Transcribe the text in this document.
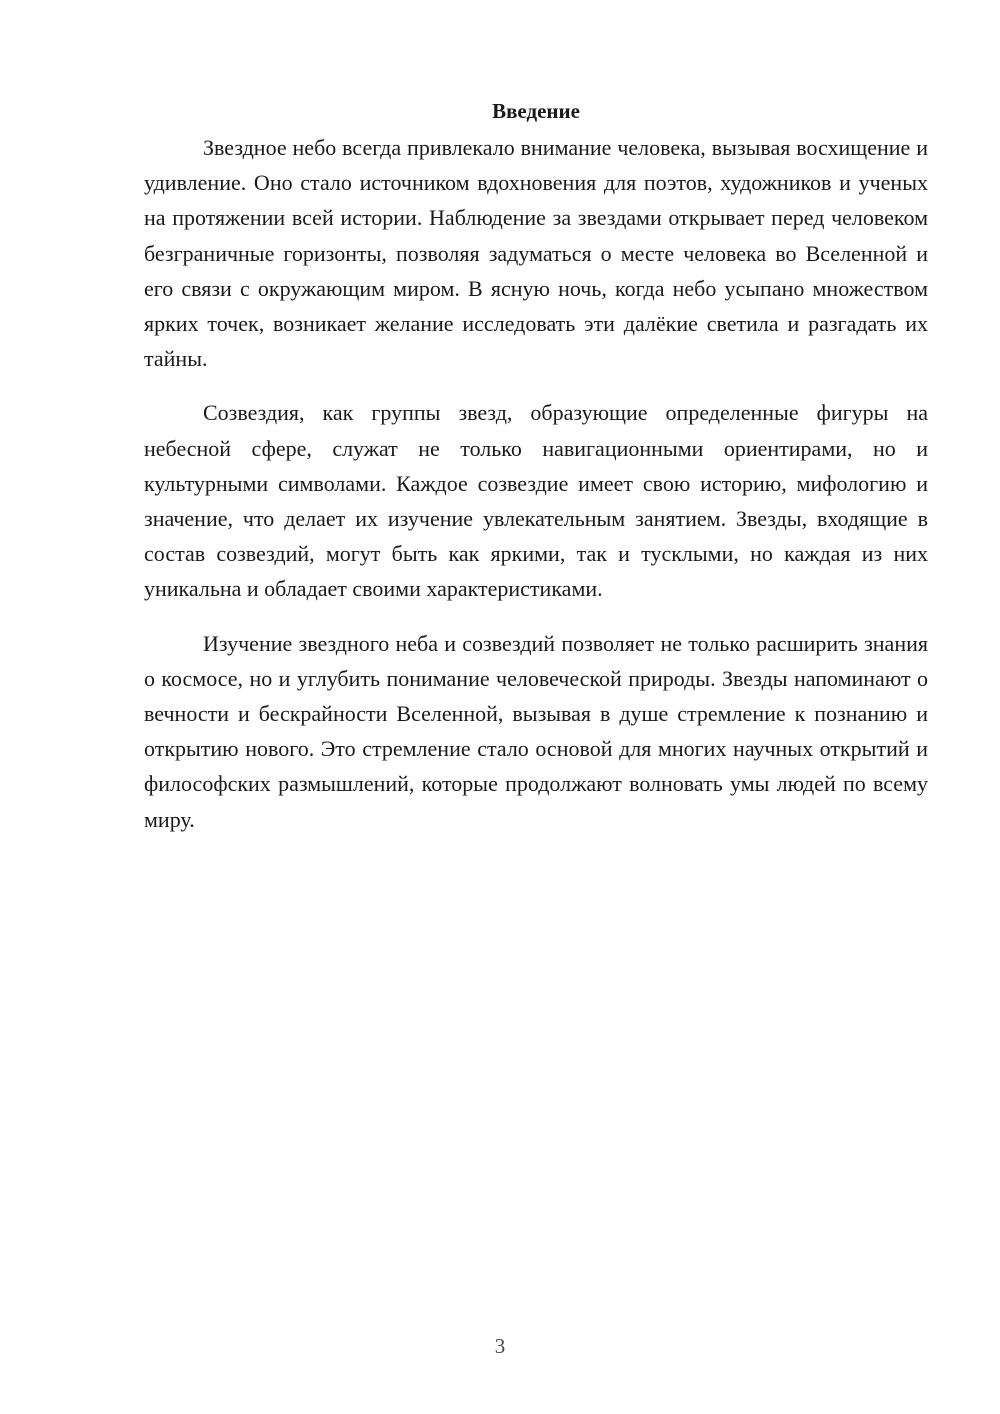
Введение

Звездное небо всегда привлекало внимание человека, вызывая восхищение и удивление. Оно стало источником вдохновения для поэтов, художников и ученых на протяжении всей истории. Наблюдение за звездами открывает перед человеком безграничные горизонты, позволяя задуматься о месте человека во Вселенной и его связи с окружающим миром. В ясную ночь, когда небо усыпано множеством ярких точек, возникает желание исследовать эти далёкие светила и разгадать их тайны.

Созвездия, как группы звезд, образующие определенные фигуры на небесной сфере, служат не только навигационными ориентирами, но и культурными символами. Каждое созвездие имеет свою историю, мифологию и значение, что делает их изучение увлекательным занятием. Звезды, входящие в состав созвездий, могут быть как яркими, так и тусклыми, но каждая из них уникальна и обладает своими характеристиками.

Изучение звездного неба и созвездий позволяет не только расширить знания о космосе, но и углубить понимание человеческой природы. Звезды напоминают о вечности и бескрайности Вселенной, вызывая в душе стремление к познанию и открытию нового. Это стремление стало основой для многих научных открытий и философских размышлений, которые продолжают волновать умы людей по всему миру.

3
